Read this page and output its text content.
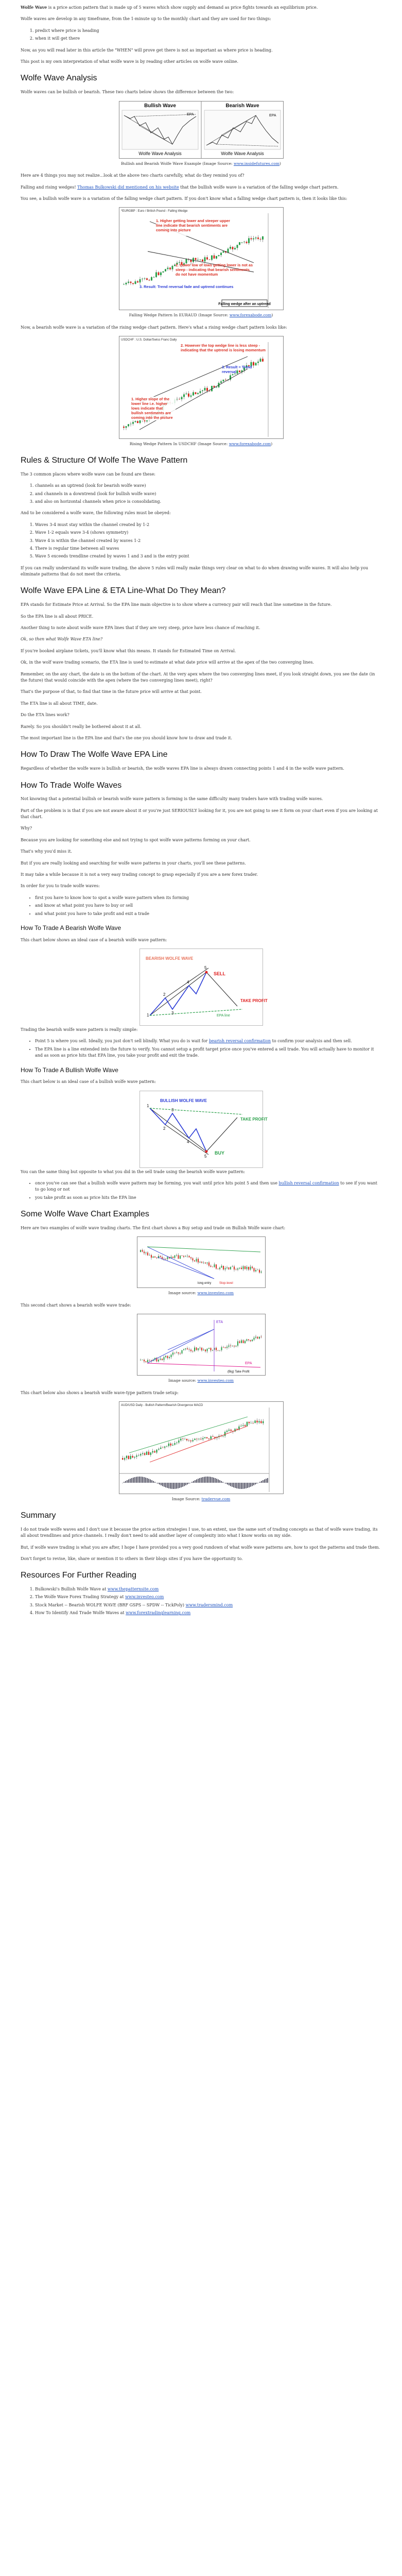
Wolfe Wave is a price action pattern that is made up of 5 waves which show supply and demand as price fights towards an equilibrium price.

Wolfe waves are develop in any timeframe, from the 1-minute up to the monthly chart and they are used for two things:

1. predict where price is heading
2. when it will get there

Now, as you will read later in this article the "WHEN" will prove get there is not as important as where price is heading.

This post is my own interpretation of what wolfe wave is by reading other articles on wolfe wave online.

Wolfe Wave Analysis

Wolfe waves can be bullish or bearish. These two charts below shows the difference between the two:

Bullish Wave	Bearish Wave
EPA	EPA
Wolfe Wave Analysis	Wolfe Wave Analysis

Bullish and Bearish Wolfe Wave Example (Image Source: www.insidefutures.com)

Here are 4 things you may not realize...look at the above two charts carefully, what do they remind you of?

Falling and rising wedges! Thomas Bulkowski did mentioned on his website that the bullish wolfe wave is a variation of the falling wedge chart pattern.

You see, a bullish wolfe wave is a variation of the falling wedge chart pattern. If you don't know what a falling wedge chart pattern is, then it looks like this:

*EURGBP : Euro / British Pound - Falling Wedge
1. Higher getting lower and steeper upper line indicate that bearish sentiments are coming into picture
2. Lower low of lows getting lower is not as steep - indicating that bearish sentiments do not have momentum
3. Result: Trend reversal fade and uptrend continues
Falling wedge after an uptrend

Falling Wedge Pattern In EURAUD (Image Source: www.forexabode.com)

Now, a bearish wolfe wave is a variation of the rising wedge chart pattern. Here's what a rising wedge chart pattern looks like:

USDCHF : U.S. Dollar/Swiss Franc Daily
2. However the top wedge line is less steep - indicating that the uptrend is losing momentum
3. Result = Trend reversal
1. Higher slope of the lower line i.e. higher lows indicate that bullish sentiments are coming into the picture

Rising Wedge Pattern In USDCHF (Image Source: www.forexabode.com)

Rules & Structure Of Wolfe The Wave Pattern

The 3 common places where wolfe wave can be found are these:

1. channels as an uptrend (look for bearish wolfe wave)
2. and channels in a downtrend (look for bullish wolfe wave)
3. and also on horizontal channels when price is consolidating.

And to be considered a wolfe wave, the following rules must be obeyed:

1. Waves 3-4 must stay within the channel created by 1-2
2. Wave 1-2 equals wave 3-4 (shows symmetry)
3. Wave 4 is within the channel created by waves 1-2
4. There is regular time between all waves
5. Wave 5 exceeds trendline created by waves 1 and 3 and is the entry point

If you can really understand its wolfe wave trading, the above 5 rules will really make things very clear on what to do when drawing wolfe waves. It will also help you eliminate patterns that do not meet the criteria.

Wolfe Wave EPA Line & ETA Line-What Do They Mean?

EPA stands for Estimate Price at Arrival. So the EPA line main objective is to show where a currency pair will reach that line sometime in the future.

So the EPA line is all about PRICE.

Another thing to note about wolfe wave EPA lines that if they are very steep, price have less chance of reaching it.

Ok, so then what Wolfe Wave ETA line?

If you're booked airplane tickets, you'll know what this means. It stands for Estimated Time on Arrival.

Ok, in the wolf wave trading scenario, the ETA line is used to estimate at what date price will arrive at the apex of the two converging lines.

Remember, on the any chart, the date is on the bottom of the chart. At the very apex where the two converging lines meet, if you look straight down, you see the date (in the future) that would coincide with the apex (where the two converging lines meet), right?

That's the purpose of that, to find that time in the future price will arrive at that point.

The ETA line is all about TIME, date.

Do the ETA lines work?

Rarely. So you shouldn't really be bothered about it at all.

The most important line is the EPA line and that's the one you should know how to draw and trade it.

How To Draw The Wolfe Wave EPA Line

Regardless of whether the wolfe wave is bullish or bearish, the wolfe waves EPA line is always drawn connecting points 1 and 4 in the wolfe wave pattern.

How To Trade Wolfe Waves

Not knowing that a potential bullish or bearish wolfe wave pattern is forming is the same difficulty many traders have with trading wolfe waves.

Part of the problem is is that if you are not aware about it or you're just SERIOUSLY looking for it, you are not going to see it form on your chart even if you are looking at that chart.

Why?

Because you are looking for something else and not trying to spot wolfe wave patterns forming on your chart.

That's why you'd miss it.

But if you are really looking and searching for wolfe wave patterns in your charts, you'll see these patterns.

It may take a while because it is not a very easy trading concept to grasp especially if you are a new forex trader.

In order for you to trade wolfe waves:

• first you have to know how to spot a wolfe wave pattern when its forming
• and know at what point you have to buy or sell
• and what point you have to take profit and exit a trade
How To Trade A Bearish Wolfe Wave

This chart below shows an ideal case of a bearish wolfe wave pattern:

BEARISH WOLFE WAVE
1
2
3
4
5
SELL
TAKE PROFIT
EPA line

Trading the bearish wolfe wave pattern is really simple:

• Point 5 is where you sell. Ideally, you just don't sell blindly. What you do is wait for bearish reversal confirmation to confirm your analysis and then sell.
• The EPA line is a line extended into the future to verify. You cannot setup a profit target price once you've entered a sell trade. You will actually have to monitor it and as soon as price hits that EPA line, you take your profit and exit the trade.
How To Trade A Bullish Wolfe Wave

This chart below is an ideal case of a bullish wolfe wave pattern:

BULLISH WOLFE WAVE
1
2
3
4
5
BUY
TAKE PROFIT

You can the same thing but opposite to what you did in the sell trade using the bearish wolfe wave pattern:

• once you've can see that a bullish wolfe wave pattern may be forming, you wait until price hits point 5 and then use bullish reversal confirmation to see if you want to go long or not
• you take profit as soon as price hits the EPA line
Some Wolfe Wave Chart Examples

Here are two examples of wolfe wave trading charts. The first chart shows a Buy setup and trade on Bullish Wolfe wave chart:

long entry	Stop-level

Image source: www.investeo.com

This second chart shows a bearish wolfe wave trade:

ETA
EPA
(Big) Take Profit

Image source: www.investeo.com

This chart below also shows a bearish wolfe wave-type pattern trade setup:

AUD/USD Daily - Bullish Pattern/Bearish Divergence MACD

Image Source: tradervue.com

Summary

I do not trade wolfe waves and I don't use it because the price action strategies I use, to an extent, use the same sort of trading concepts as that of wolfe wave trading, its all about trendlines and price channels. I really don't need to add another layer of complexity into what I know works on my side.

But, if wolfe wave trading is what you are after, I hope I have provided you a very good rundown of what wolfe wave patterns are, how to spot the patterns and trade them.

Don't forget to revise, like, share or mention it to others in their blogs sites if you have the opportunity to.

Resources For Further Reading
1. Bulkowski's Bullish Wolfe Wave at www.thepatternsite.com
2. The Wolfe Wave Forex Trading Strategy at www.investeo.com
3. Stock Market -- Bearish WOLFE WAVE (BRF GSPS -- SPDW -- TickPoly) www.tradersmind.com
4. How To Identify And Trade Wolfe Waves at www.forextradinglearning.com
